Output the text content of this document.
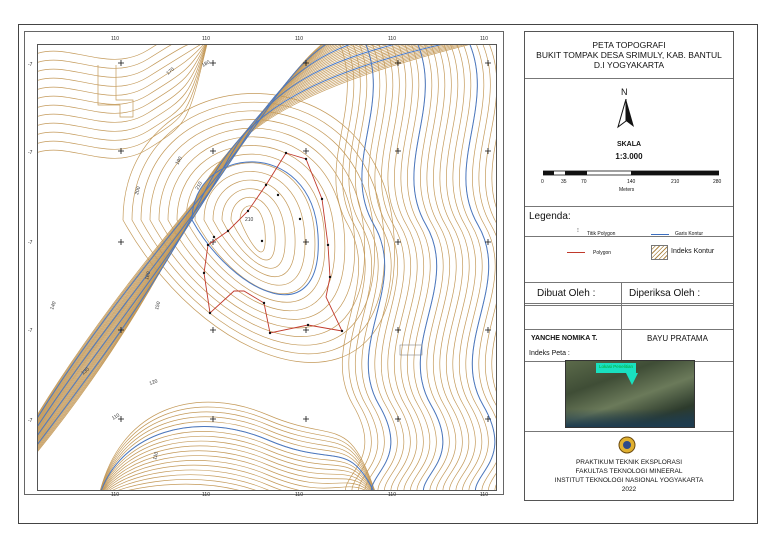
110	110	110	110	110
110	110	110	110	110
-7
-7
-7
-7
-7
170
180
190
200	210
160
150
140
130
120
110
110
210
PETA TOPOGRAFI
BUKIT TOMPAK DESA SRIMULY, KAB. BANTUL
D.I YOGYAKARTA
N
SKALA
1:3.000
0	35	70	140	210	280
Meters
Legenda:
⁝ Titik Polygon	Garis Kontur
Polygon	Indeks Kontur
Dibuat Oleh :	Diperiksa Oleh :
YANCHE NOMIKA T.	BAYU PRATAMA
Indeks Peta :
Lokasi Penelitian
PRAKTIKUM TEKNIK EKSPLORASI
FAKULTAS TEKNOLOGI MINEERAL
INSTITUT TEKNOLOGI NASIONAL YOGYAKARTA
2022
